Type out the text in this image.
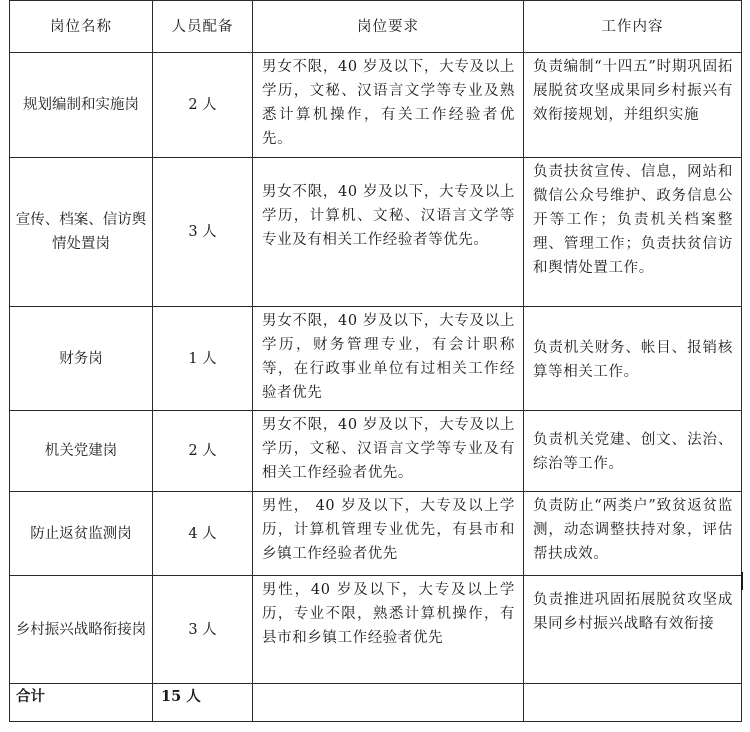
岗位名称	人员配备	岗位要求	工作内容
规划编制和实施岗	2 人	男女不限，40 岁及以下，大专及以上学历，文秘、汉语言文学等专业及熟悉计算机操作，有关工作经验者优先。	负责编制“十四五”时期巩固拓展脱贫攻坚成果同乡村振兴有效衔接规划，并组织实施
宣传、档案、信访舆情处置岗	3 人	男女不限，40 岁及以下，大专及以上学历，计算机、文秘、汉语言文学等专业及有相关工作经验者等优先。	负责扶贫宣传、信息，网站和微信公众号维护、政务信息公开等工作；负责机关档案整理、管理工作；负责扶贫信访和舆情处置工作。
财务岗	1 人	男女不限，40 岁及以下，大专及以上学历，财务管理专业，有会计职称等，在行政事业单位有过相关工作经验者优先	负责机关财务、帐目、报销核算等相关工作。
机关党建岗	2 人	男女不限，40 岁及以下，大专及以上学历，文秘、汉语言文学等专业及有相关工作经验者优先。	负责机关党建、创文、法治、综治等工作。
防止返贫监测岗	4 人	男性， 40 岁及以下，大专及以上学历，计算机管理专业优先，有县市和乡镇工作经验者优先	负责防止“两类户”致贫返贫监测，动态调整扶持对象，评估帮扶成效。
乡村振兴战略衔接岗	3 人	男性，40 岁及以下，大专及以上学历，专业不限，熟悉计算机操作，有县市和乡镇工作经验者优先	负责推进巩固拓展脱贫攻坚成果同乡村振兴战略有效衔接
合计	15 人		
